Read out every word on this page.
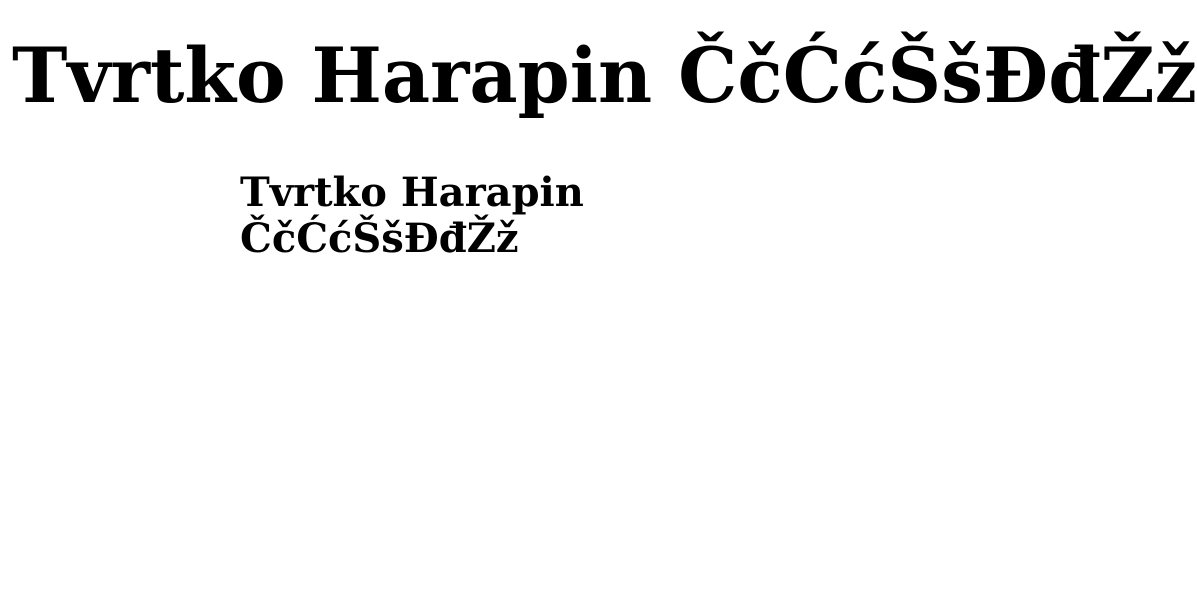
Tvrtko Harapin ČčĆćŠšĐđŽž

Tvrtko Harapin
ČčĆćŠšĐđŽž
